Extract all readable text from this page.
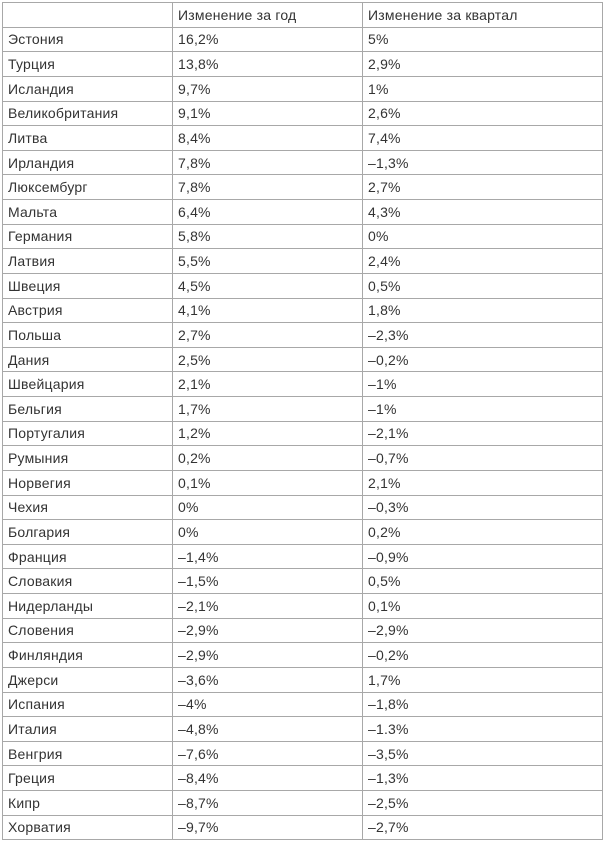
	Изменение за год	Изменение за квартал
Эстония	16,2%	5%
Турция	13,8%	2,9%
Исландия	9,7%	1%
Великобритания	9,1%	2,6%
Литва	8,4%	7,4%
Ирландия	7,8%	–1,3%
Люксембург	7,8%	2,7%
Мальта	6,4%	4,3%
Германия	5,8%	0%
Латвия	5,5%	2,4%
Швеция	4,5%	0,5%
Австрия	4,1%	1,8%
Польша	2,7%	–2,3%
Дания	2,5%	–0,2%
Швейцария	2,1%	–1%
Бельгия	1,7%	–1%
Португалия	1,2%	–2,1%
Румыния	0,2%	–0,7%
Норвегия	0,1%	2,1%
Чехия	0%	–0,3%
Болгария	0%	0,2%
Франция	–1,4%	–0,9%
Словакия	–1,5%	0,5%
Нидерланды	–2,1%	0,1%
Словения	–2,9%	–2,9%
Финляндия	–2,9%	–0,2%
Джерси	–3,6%	1,7%
Испания	–4%	–1,8%
Италия	–4,8%	–1.3%
Венгрия	–7,6%	–3,5%
Греция	–8,4%	–1,3%
Кипр	–8,7%	–2,5%
Хорватия	–9,7%	–2,7%
